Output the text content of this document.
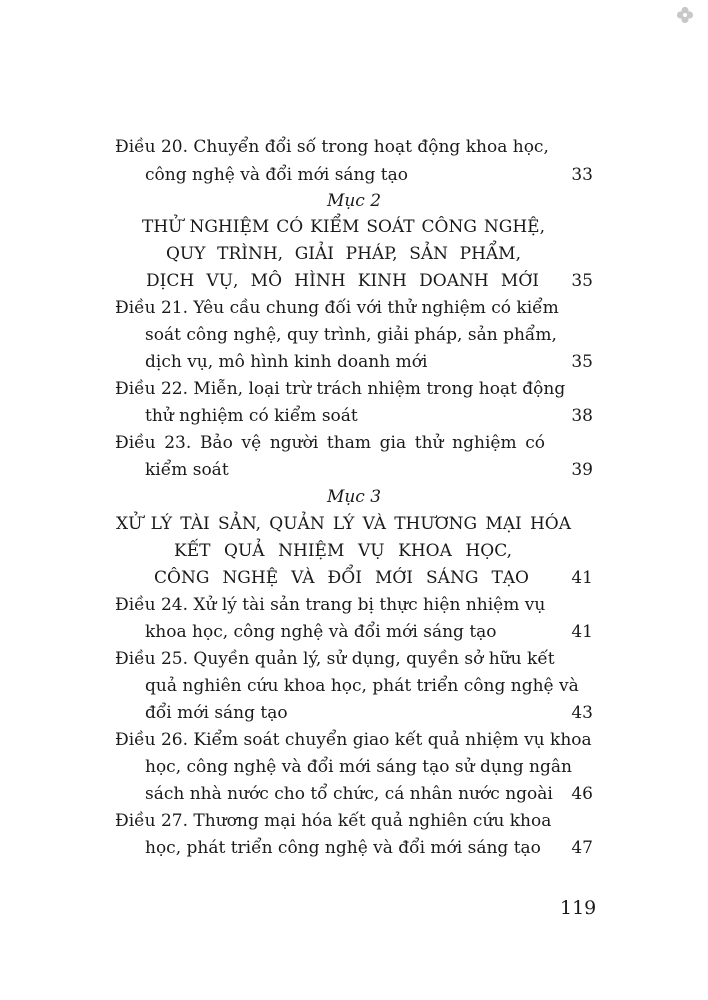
Điều 20. Chuyển đổi số trong hoạt động khoa học,
công nghệ và đổi mới sáng tạo	33
Mục 2
THỬ NGHIỆM CÓ KIỂM SOÁT CÔNG NGHỆ,
QUY TRÌNH, GIẢI PHÁP, SẢN PHẨM,
DỊCH VỤ, MÔ HÌNH KINH DOANH MỚI 35
Điều 21. Yêu cầu chung đối với thử nghiệm có kiểm
soát công nghệ, quy trình, giải pháp, sản phẩm,
dịch vụ, mô hình kinh doanh mới	35
Điều 22. Miễn, loại trừ trách nhiệm trong hoạt động
thử nghiệm có kiểm soát	38
Điều 23. Bảo vệ người tham gia thử nghiệm có
kiểm soát	39
Mục 3
XỬ LÝ TÀI SẢN, QUẢN LÝ VÀ THƯƠNG MẠI HÓA
KẾT QUẢ NHIỆM VỤ KHOA HỌC,
CÔNG NGHỆ VÀ ĐỔI MỚI SÁNG TẠO 41
Điều 24. Xử lý tài sản trang bị thực hiện nhiệm vụ
khoa học, công nghệ và đổi mới sáng tạo	41
Điều 25. Quyền quản lý, sử dụng, quyền sở hữu kết
quả nghiên cứu khoa học, phát triển công nghệ và
đổi mới sáng tạo	43
Điều 26. Kiểm soát chuyển giao kết quả nhiệm vụ khoa
học, công nghệ và đổi mới sáng tạo sử dụng ngân
sách nhà nước cho tổ chức, cá nhân nước ngoài 46
Điều 27. Thương mại hóa kết quả nghiên cứu khoa
học, phát triển công nghệ và đổi mới sáng tạo 47
119
